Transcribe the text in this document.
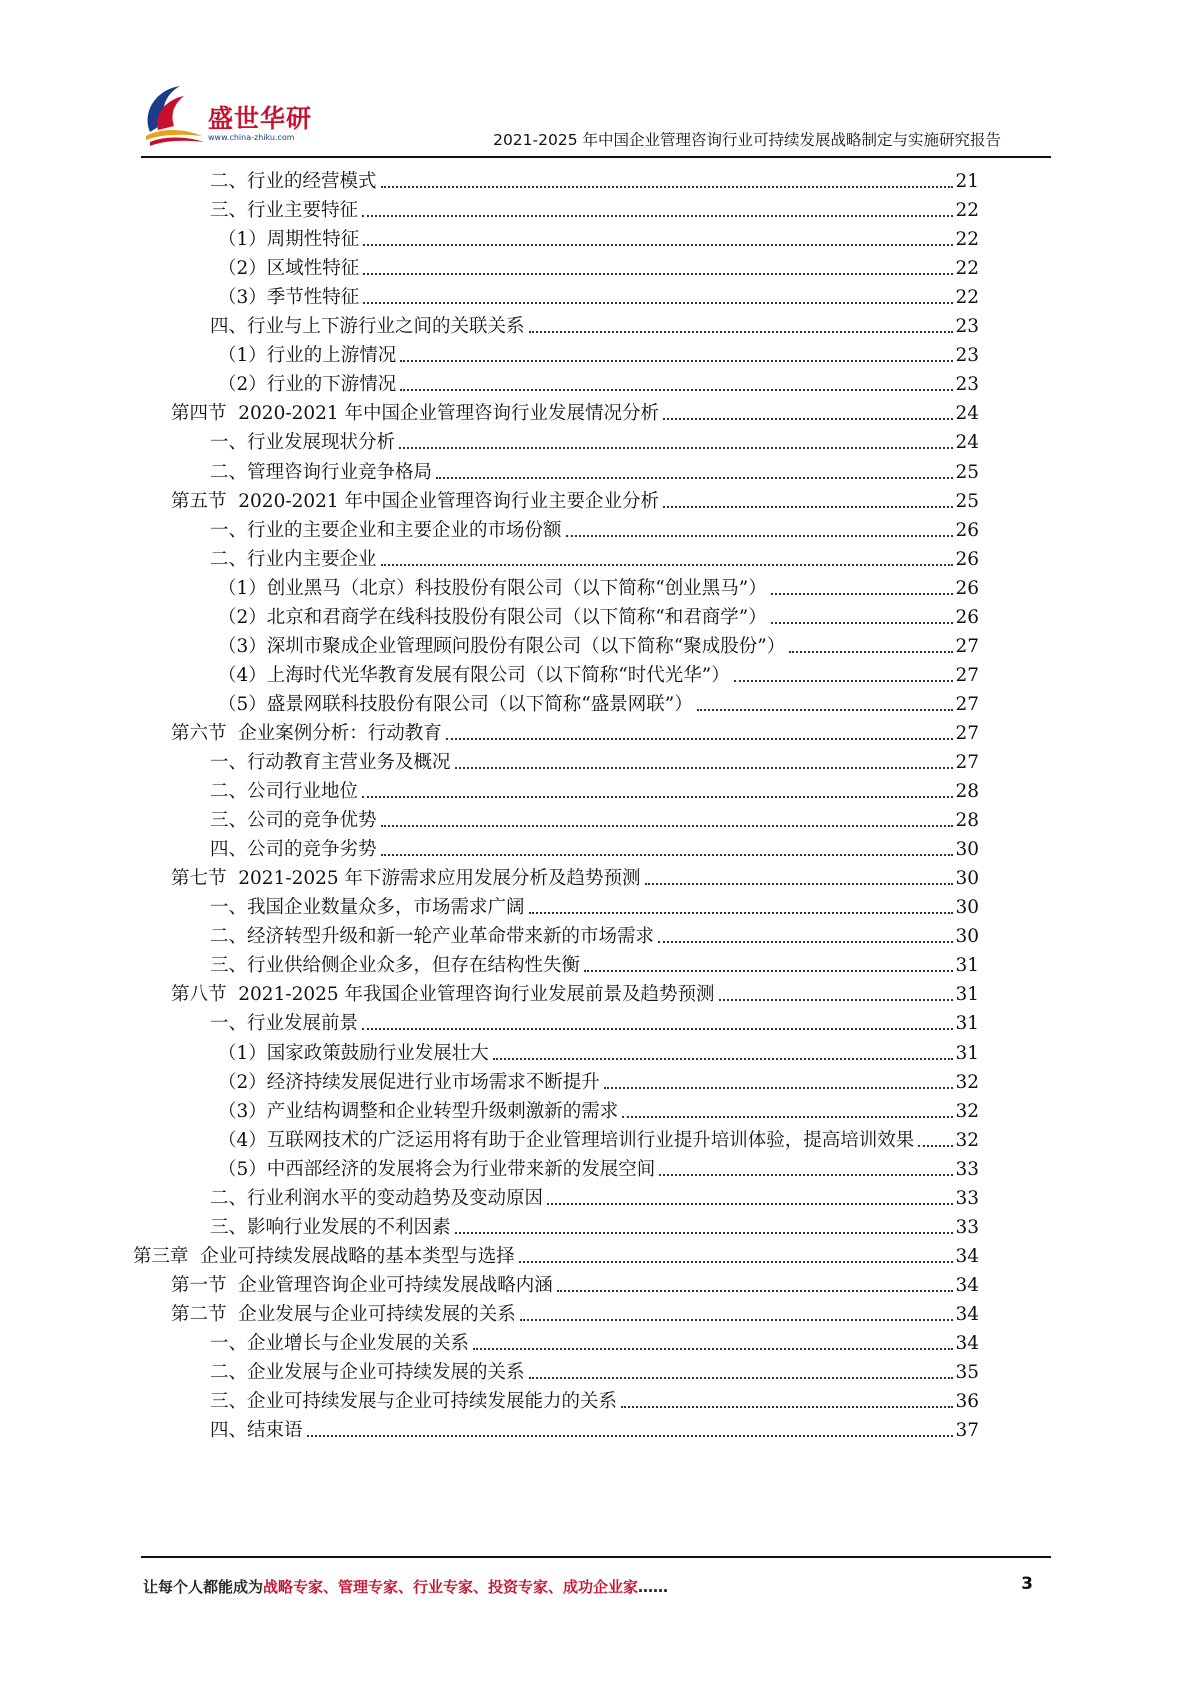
盛世华研
www.china-zhiku.com	2021-2025 年中国企业管理咨询行业可持续发展战略制定与实施研究报告
二、行业的经营模式	21
三、行业主要特征	22
（1）周期性特征	22
（2）区域性特征	22
（3）季节性特征	22
四、行业与上下游行业之间的关联关系	23
（1）行业的上游情况	23
（2）行业的下游情况	23
第四节  2020-2021 年中国企业管理咨询行业发展情况分析	24
一、行业发展现状分析	24
二、管理咨询行业竞争格局	25
第五节  2020-2021 年中国企业管理咨询行业主要企业分析	25
一、行业的主要企业和主要企业的市场份额	26
二、行业内主要企业	26
（1）创业黑马（北京）科技股份有限公司（以下简称“创业黑马”）	26
（2）北京和君商学在线科技股份有限公司（以下简称“和君商学”）	26
（3）深圳市聚成企业管理顾问股份有限公司（以下简称“聚成股份”）	27
（4）上海时代光华教育发展有限公司（以下简称“时代光华”）	27
（5）盛景网联科技股份有限公司（以下简称“盛景网联”）	27
第六节  企业案例分析：行动教育	27
一、行动教育主营业务及概况	27
二、公司行业地位	28
三、公司的竞争优势	28
四、公司的竞争劣势	30
第七节  2021-2025 年下游需求应用发展分析及趋势预测	30
一、我国企业数量众多，市场需求广阔	30
二、经济转型升级和新一轮产业革命带来新的市场需求	30
三、行业供给侧企业众多，但存在结构性失衡	31
第八节  2021-2025 年我国企业管理咨询行业发展前景及趋势预测	31
一、行业发展前景	31
（1）国家政策鼓励行业发展壮大	31
（2）经济持续发展促进行业市场需求不断提升	32
（3）产业结构调整和企业转型升级刺激新的需求	32
（4）互联网技术的广泛运用将有助于企业管理培训行业提升培训体验，提高培训效果 32
（5）中西部经济的发展将会为行业带来新的发展空间	33
二、行业利润水平的变动趋势及变动原因	33
三、影响行业发展的不利因素	33
第三章  企业可持续发展战略的基本类型与选择	34
第一节  企业管理咨询企业可持续发展战略内涵	34
第二节  企业发展与企业可持续发展的关系	34
一、企业增长与企业发展的关系	34
二、企业发展与企业可持续发展的关系	35
三、企业可持续发展与企业可持续发展能力的关系	36
四、结束语	37
让每个人都能成为战略专家、管理专家、行业专家、投资专家、成功企业家……	3
